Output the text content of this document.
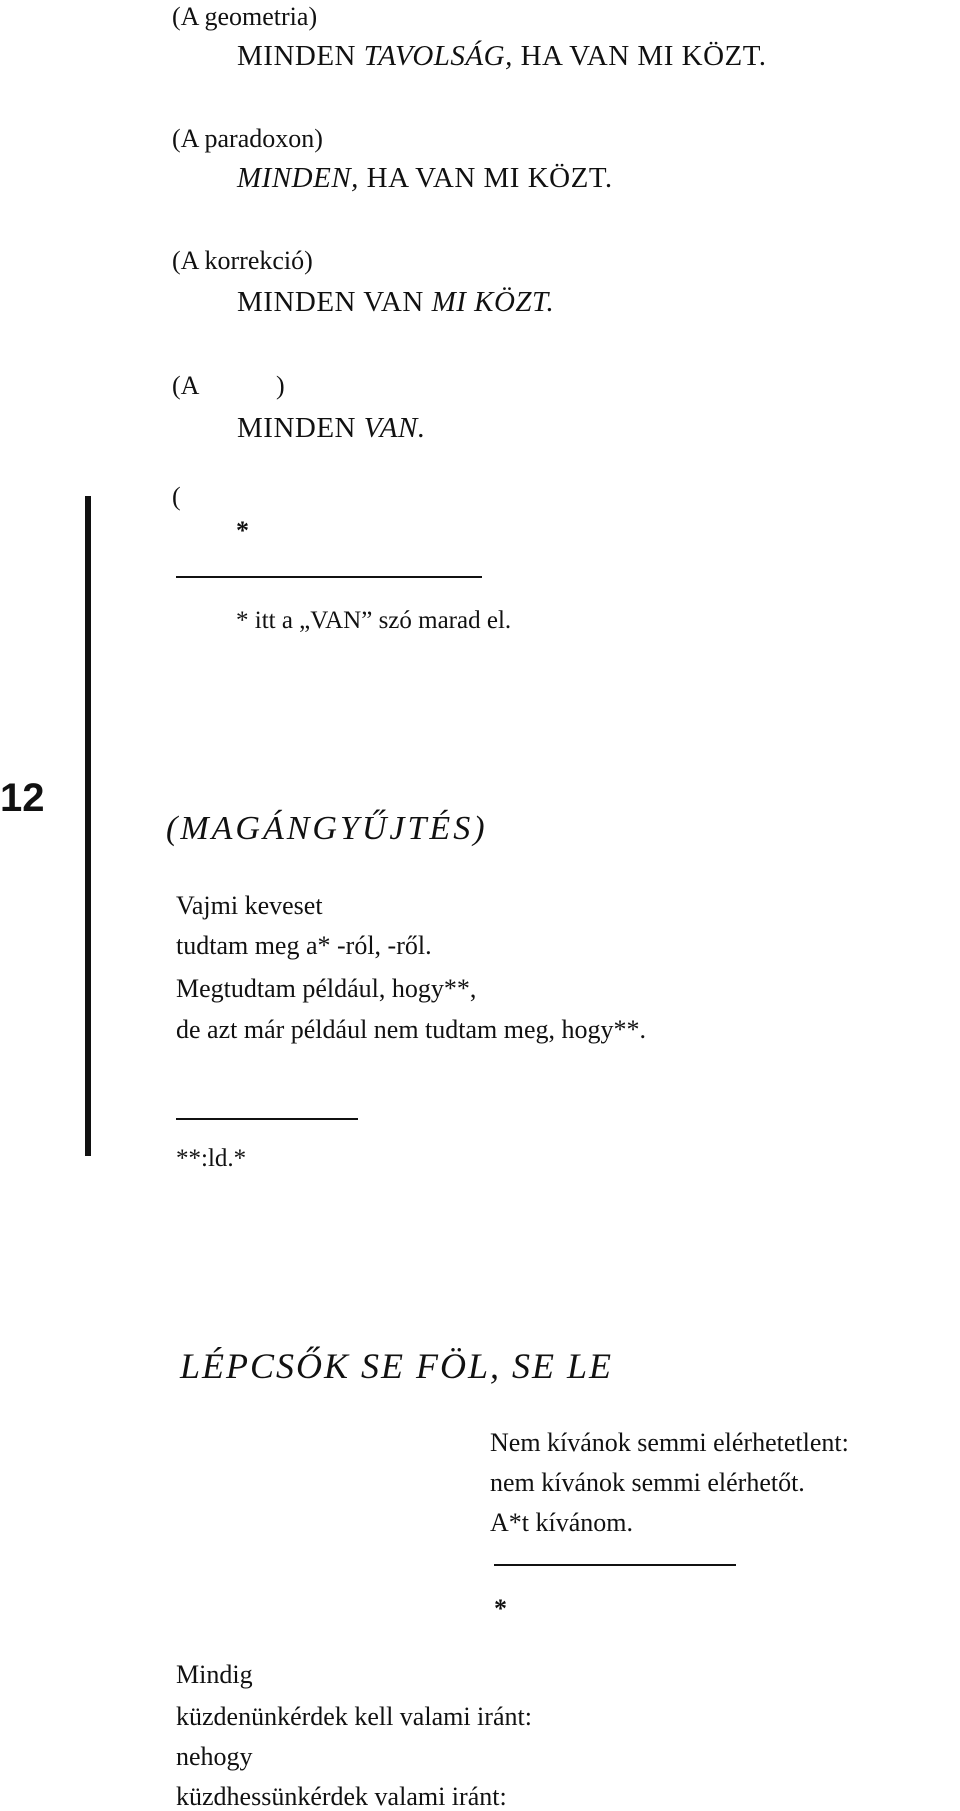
(A geometria)
MINDEN TAVOLSÁG, HA VAN MI KÖZT.
(A paradoxon)
MINDEN, HA VAN MI KÖZT.
(A korrekció)
MINDEN VAN MI KÖZT.
(A            )
MINDEN VAN.
(
*
* itt a „VAN” szó marad el.
12
(MAGÁNGYŰJTÉS)
Vajmi keveset
tudtam meg a* -ról, -ről.
Megtudtam például, hogy**,
de azt már például nem tudtam meg, hogy**.
**:ld.*
LÉPCSŐK SE FÖL, SE LE
Nem kívánok semmi elérhetetlent:
nem kívánok semmi elérhetőt.
A*t kívánom.
*
Mindig
küzdenünkérdek kell valami iránt:
nehogy
küzdhessünkérdek valami iránt:
